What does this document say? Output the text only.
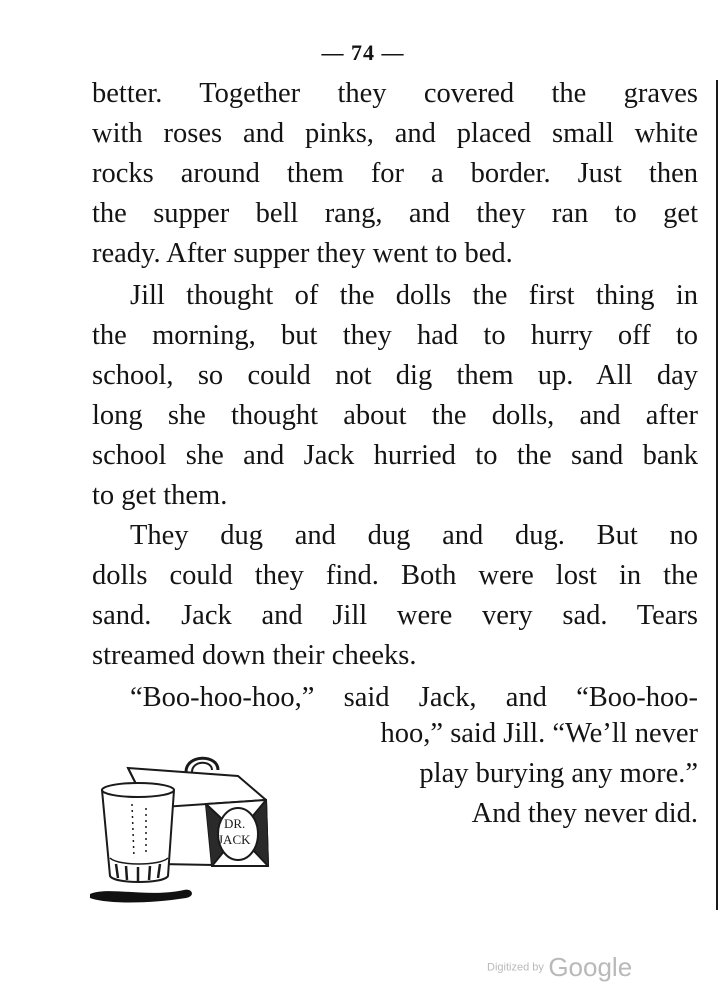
— 74 —
better. Together they covered the graves
with roses and pinks, and placed small white
rocks around them for a border. Just then
the supper bell rang, and they ran to get
ready. After supper they went to bed.
Jill thought of the dolls the first thing in
the morning, but they had to hurry off to
school, so could not dig them up. All day
long she thought about the dolls, and after
school she and Jack hurried to the sand bank
to get them.
They dug and dug and dug. But no
dolls could they find. Both were lost in the
sand. Jack and Jill were very sad. Tears
streamed down their cheeks.
“Boo-hoo-hoo,” said Jack, and “Boo-hoo-
hoo,” said Jill. “We’ll never
play burying any more.”
And they never did.
DR.
JACK
Digitized by Google
